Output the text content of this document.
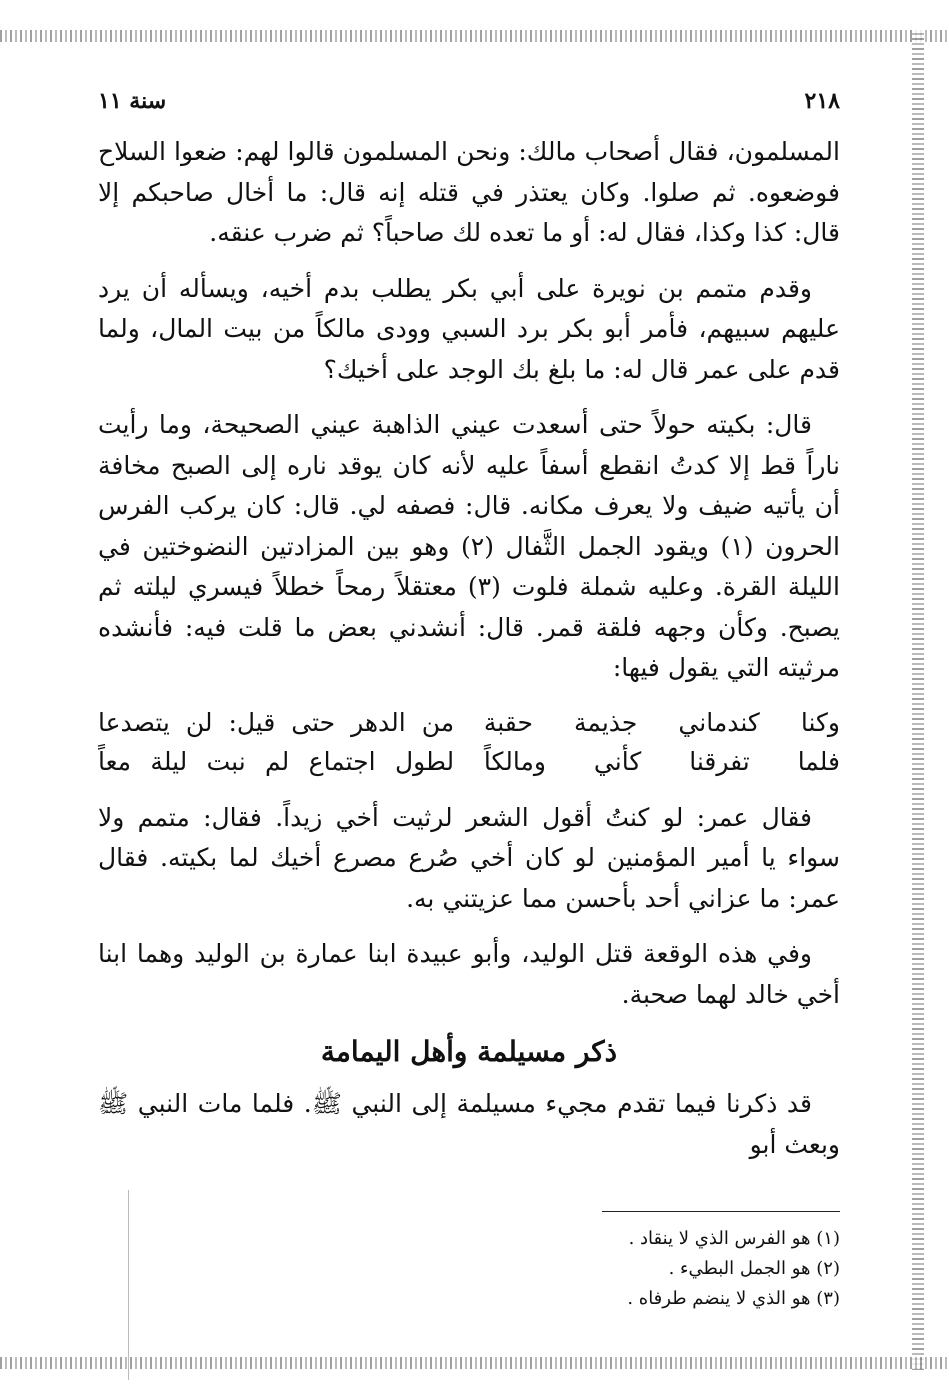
٢١٨
سنة ١١

المسلمون، فقال أصحاب مالك: ونحن المسلمون قالوا لهم: ضعوا السلاح فوضعوه. ثم صلوا. وكان يعتذر في قتله إنه قال: ما أخال صاحبكم إلا قال: كذا وكذا، فقال له: أو ما تعده لك صاحباً؟ ثم ضرب عنقه.

وقدم متمم بن نويرة على أبي بكر يطلب بدم أخيه، ويسأله أن يرد عليهم سبيهم، فأمر أبو بكر برد السبي وودى مالكاً من بيت المال، ولما قدم على عمر قال له: ما بلغ بك الوجد على أخيك؟

قال: بكيته حولاً حتى أسعدت عيني الذاهبة عيني الصحيحة، وما رأيت ناراً قط إلا كدتُ انقطع أسفاً عليه لأنه كان يوقد ناره إلى الصبح مخافة أن يأتيه ضيف ولا يعرف مكانه. قال: فصفه لي. قال: كان يركب الفرس الحرون (١) ويقود الجمل الثَّفال (٢) وهو بين المزادتين النضوختين في الليلة القرة. وعليه شملة فلوت (٣) معتقلاً رمحاً خطلاً فيسري ليلته ثم يصبح. وكأن وجهه فلقة قمر. قال: أنشدني بعض ما قلت فيه: فأنشده مرثيته التي يقول فيها:

وكنا كندماني جذيمة حقبة
من الدهر حتى قيل: لن يتصدعا
فلما تفرقنا كأني ومالكاً
لطول اجتماع لم نبت ليلة معاً

فقال عمر: لو كنتُ أقول الشعر لرثيت أخي زيداً. فقال: متمم ولا سواء يا أمير المؤمنين لو كان أخي صُرع مصرع أخيك لما بكيته. فقال عمر: ما عزاني أحد بأحسن مما عزيتني به.

وفي هذه الوقعة قتل الوليد، وأبو عبيدة ابنا عمارة بن الوليد وهما ابنا أخي خالد لهما صحبة.

ذكر مسيلمة وأهل اليمامة

قد ذكرنا فيما تقدم مجيء مسيلمة إلى النبي ﷺ. فلما مات النبي ﷺ وبعث أبو

(١) هو الفرس الذي لا ينقاد .
(٢) هو الجمل البطيء .
(٣) هو الذي لا ينضم طرفاه .
